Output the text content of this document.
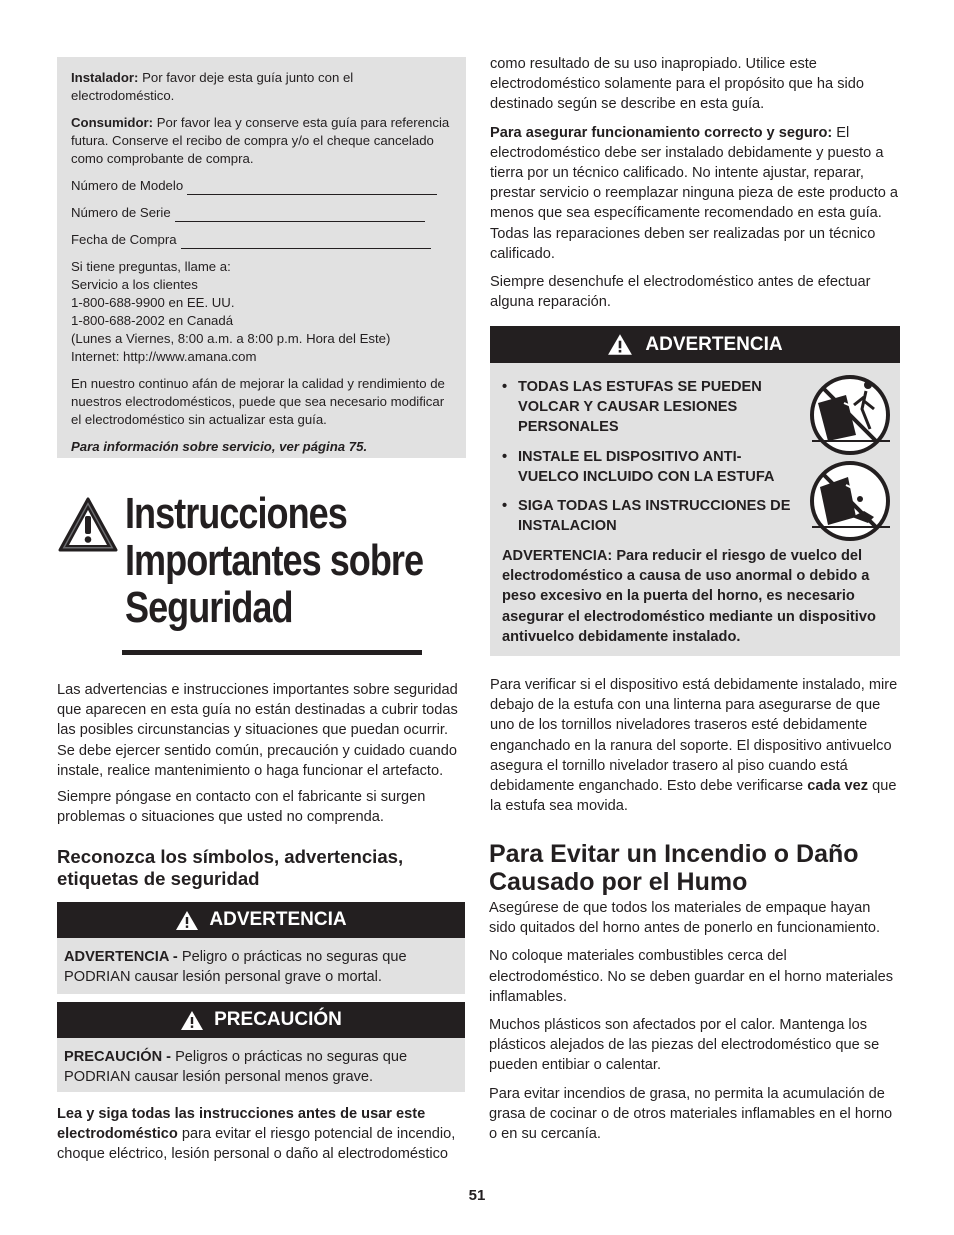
Instalador: Por favor deje esta guía junto con el electrodoméstico.

Consumidor: Por favor lea y conserve esta guía para referencia futura. Conserve el recibo de compra y/o el cheque cancelado como comprobante de compra.

Número de Modelo
Número de Serie
Fecha de Compra

Si tiene preguntas, llame a:
Servicio a los clientes
1-800-688-9900 en EE. UU.
1-800-688-2002 en Canadá
(Lunes a Viernes, 8:00 a.m. a 8:00 p.m. Hora del Este)
Internet: http://www.amana.com

En nuestro continuo afán de mejorar la calidad y rendimiento de nuestros electrodomésticos, puede que sea necesario modificar el electrodoméstico sin actualizar esta guía.

Para información sobre servicio, ver página 75.

Instrucciones
Importantes sobre
Seguridad

Las advertencias e instrucciones importantes sobre seguridad que aparecen en esta guía no están destinadas a cubrir todas las posibles circunstancias y situaciones que puedan ocurrir. Se debe ejercer sentido común, precaución y cuidado cuando instale, realice mantenimiento o haga funcionar el artefacto.

Siempre póngase en contacto con el fabricante si surgen problemas o situaciones que usted no comprenda.

Reconozca los símbolos, advertencias, etiquetas de seguridad
ADVERTENCIA

ADVERTENCIA - Peligro o prácticas no seguras que PODRIAN causar lesión personal grave o mortal.

PRECAUCIÓN

PRECAUCIÓN - Peligros o prácticas no seguras que PODRIAN causar lesión personal menos grave.

Lea y siga todas las instrucciones antes de usar este electrodoméstico para evitar el riesgo potencial de incendio, choque eléctrico, lesión personal o daño al electrodoméstico

como resultado de su uso inapropiado. Utilice este electrodoméstico solamente para el propósito que ha sido destinado según se describe en esta guía.

Para asegurar funcionamiento correcto y seguro: El electrodoméstico debe ser instalado debidamente y puesto a tierra por un técnico calificado. No intente ajustar, reparar, prestar servicio o reemplazar ninguna pieza de este producto a menos que sea específicamente recomendado en esta guía. Todas las reparaciones deben ser realizadas por un técnico calificado.

Siempre desenchufe el electrodoméstico antes de efectuar alguna reparación.

ADVERTENCIA
• TODAS LAS ESTUFAS SE PUEDEN VOLCAR Y CAUSAR LESIONES PERSONALES
• INSTALE EL DISPOSITIVO ANTI-VUELCO INCLUIDO CON LA ESTUFA
• SIGA TODAS LAS INSTRUCCIONES DE INSTALACION

ADVERTENCIA: Para reducir el riesgo de vuelco del electrodoméstico a causa de uso anormal o debido a peso excesivo en la puerta del horno, es necesario asegurar el electrodoméstico mediante un dispositivo antivuelco debidamente instalado.

Para verificar si el dispositivo está debidamente instalado, mire debajo de la estufa con una linterna para asegurarse de que uno de los tornillos niveladores traseros esté debidamente enganchado en la ranura del soporte. El dispositivo antivuelco asegura el tornillo nivelador trasero al piso cuando está debidamente enganchado. Esto debe verificarse cada vez que la estufa sea movida.

Para Evitar un Incendio o Daño Causado por el Humo

Asegúrese de que todos los materiales de empaque hayan sido quitados del horno antes de ponerlo en funcionamiento.

No coloque materiales combustibles cerca del electrodoméstico. No se deben guardar en el horno materiales inflamables.

Muchos plásticos son afectados por el calor. Mantenga los plásticos alejados de las piezas del electrodoméstico que se pueden entibiar o calentar.

Para evitar incendios de grasa, no permita la acumulación de grasa de cocinar o de otros materiales inflamables en el horno o en su cercanía.

51
